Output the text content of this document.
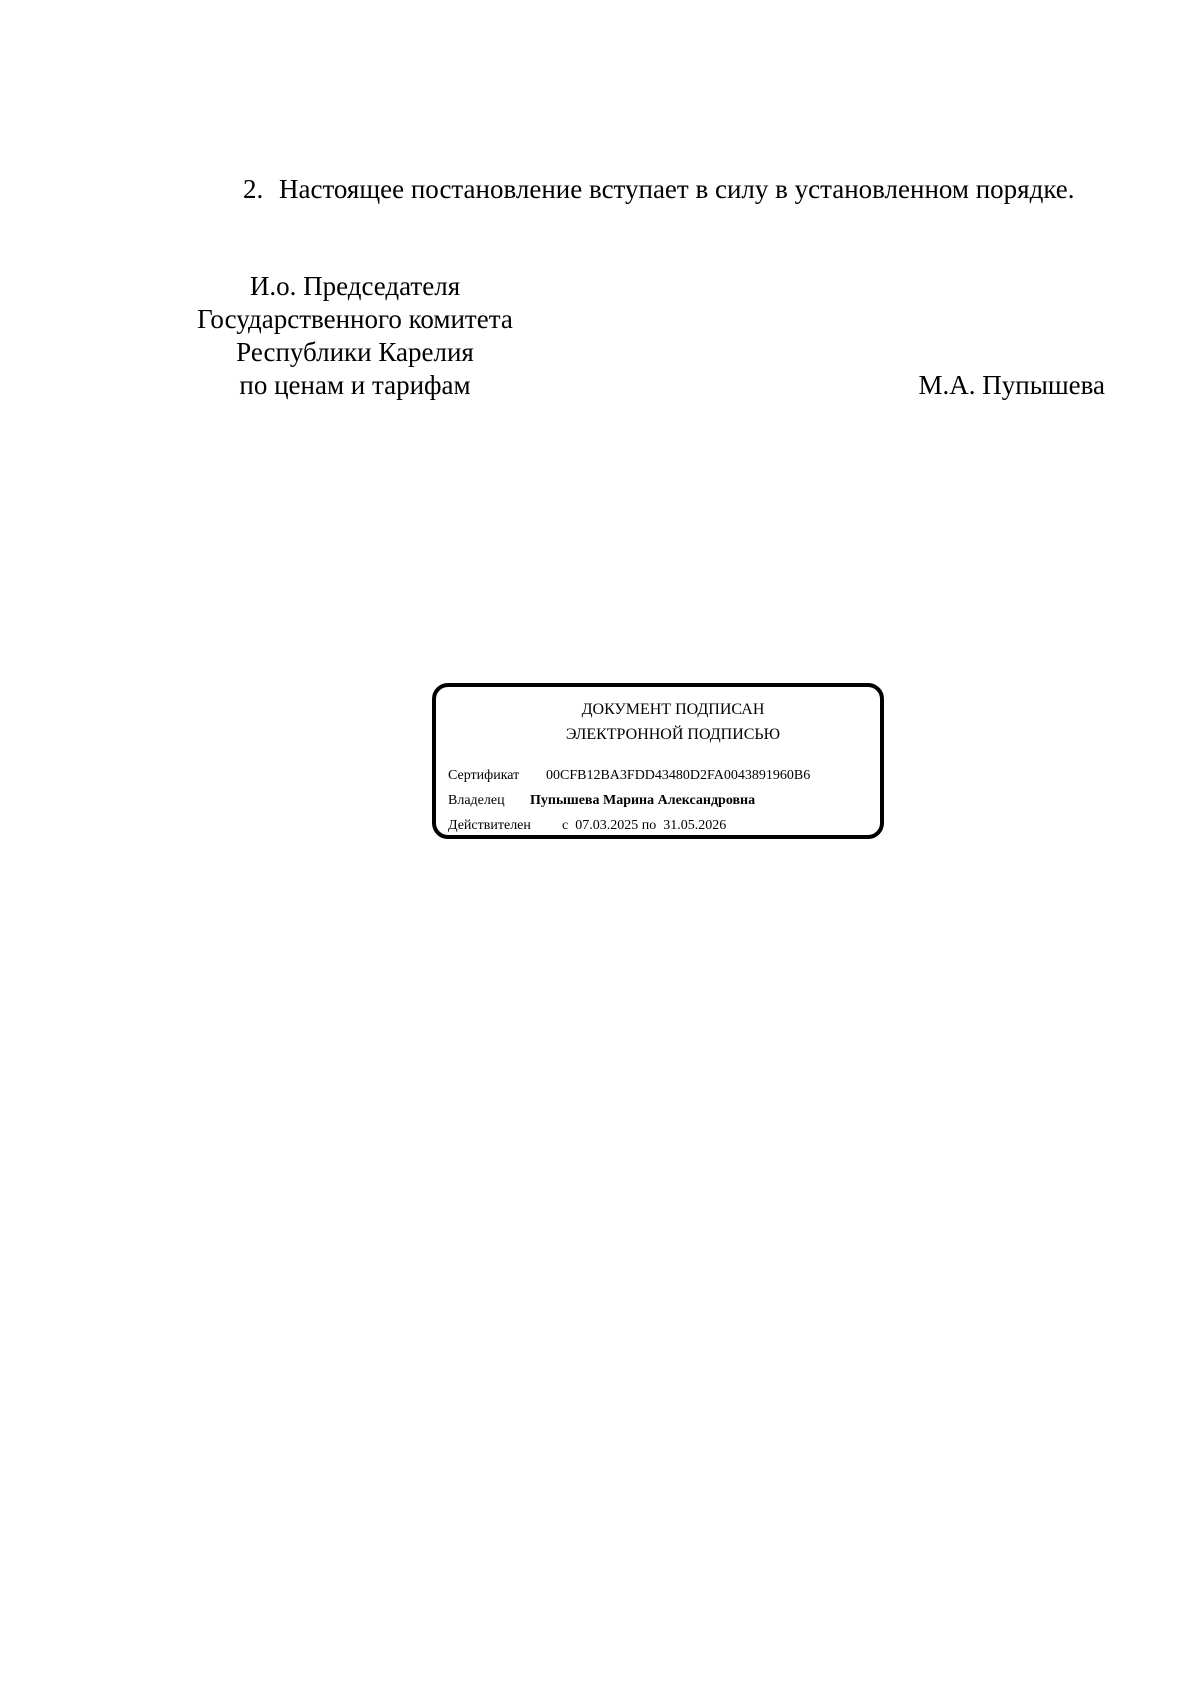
2. Настоящее постановление вступает в силу в установленном порядке.

И.о. Председателя
Государственного комитета
Республики Карелия
по ценам и тарифам	М.А. Пупышева
ДОКУМЕНТ ПОДПИСАН
ЭЛЕКТРОННОЙ ПОДПИСЬЮ
Сертификат 00CFB12BA3FDD43480D2FA0043891960B6
Владелец Пупышева Марина Александровна
Действителен с 07.03.2025 по 31.05.2026
